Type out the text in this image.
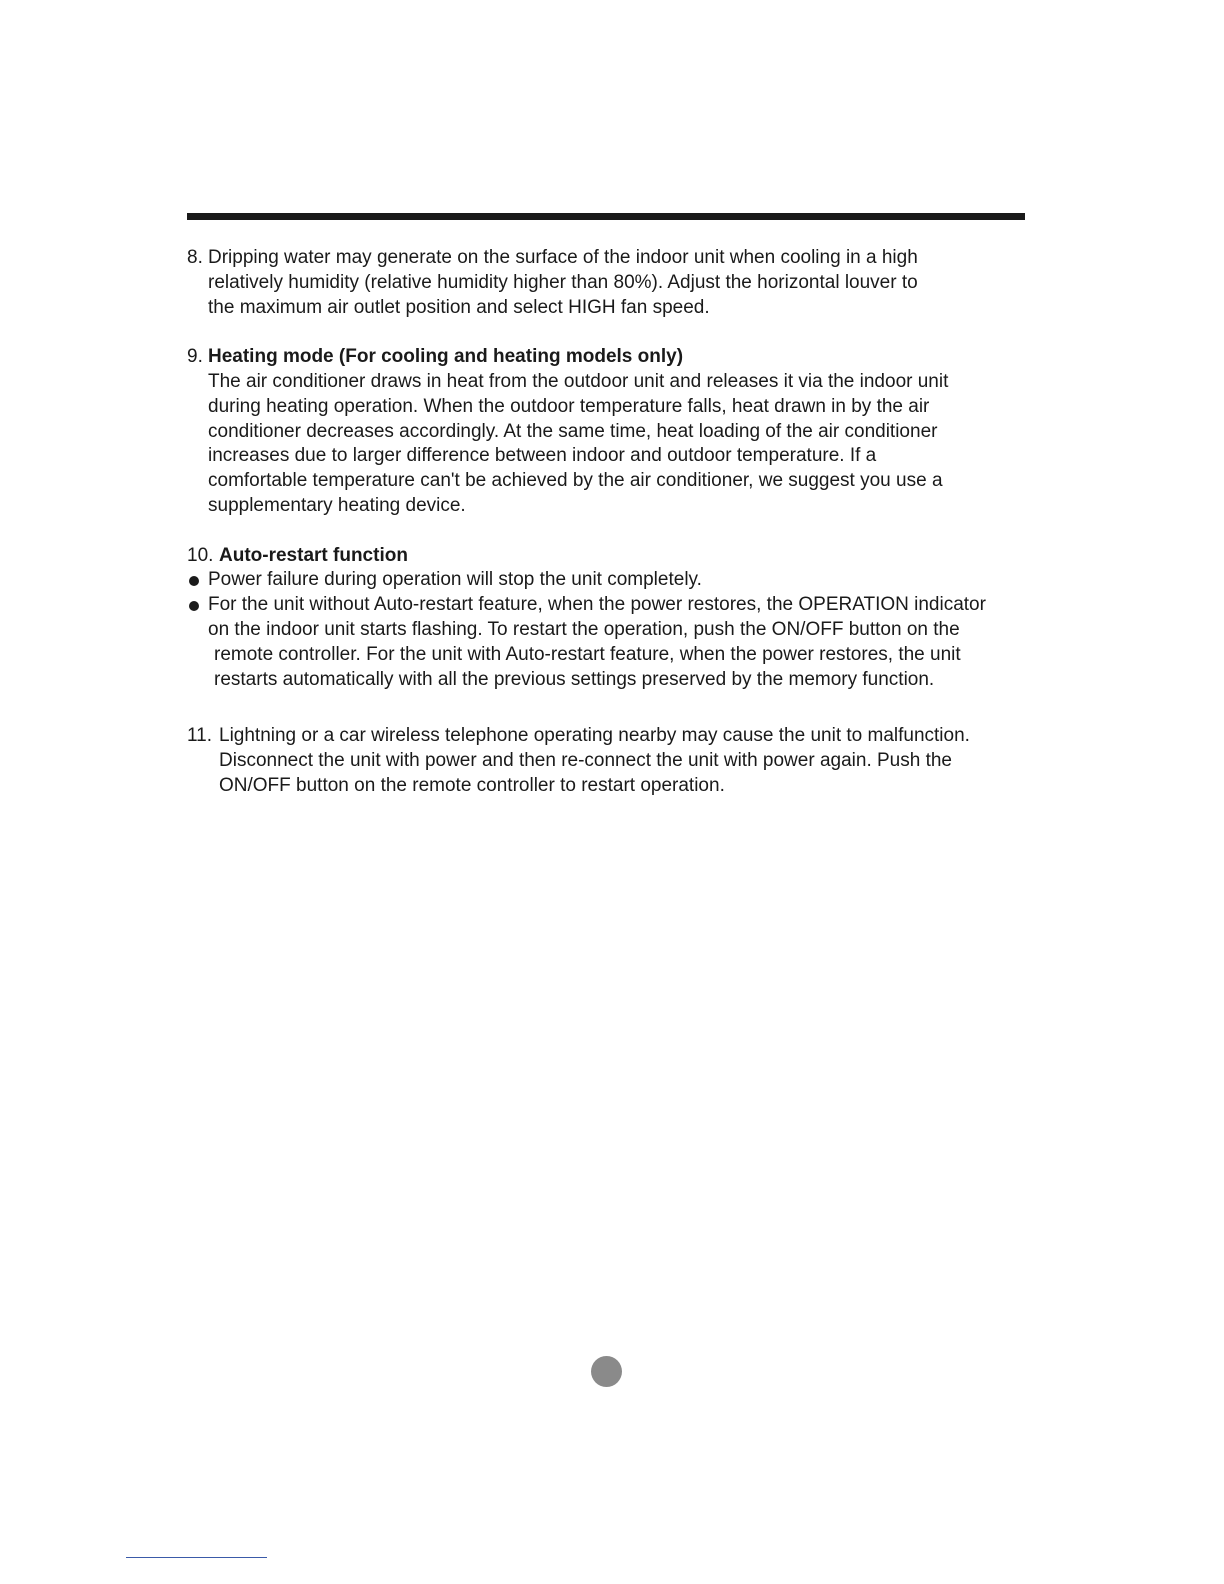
8. Dripping water may generate on the surface of the indoor unit when cooling in a high
relatively humidity (relative humidity higher than 80%). Adjust the horizontal louver to
the maximum air outlet position and select HIGH fan speed.
9. Heating mode (For cooling and heating models only)
The air conditioner draws in heat from the outdoor unit and releases it via the indoor unit
during heating operation. When the outdoor temperature falls, heat drawn in by the air
conditioner decreases accordingly. At the same time, heat loading of the air conditioner
increases due to larger difference between indoor and outdoor temperature. If a
comfortable temperature can't be achieved by the air conditioner, we suggest you use a
supplementary heating device.
10. Auto-restart function
Power failure during operation will stop the unit completely.
For the unit without Auto-restart feature, when the power restores, the OPERATION indicator
on the indoor unit starts flashing. To restart the operation, push the ON/OFF button on the
remote controller. For the unit with Auto-restart feature, when the power restores, the unit
restarts automatically with all the previous settings preserved by the memory function.
11. Lightning or a car wireless telephone operating nearby may cause the unit to malfunction.
Disconnect the unit with power and then re-connect the unit with power again. Push the
ON/OFF button on the remote controller to restart operation.
